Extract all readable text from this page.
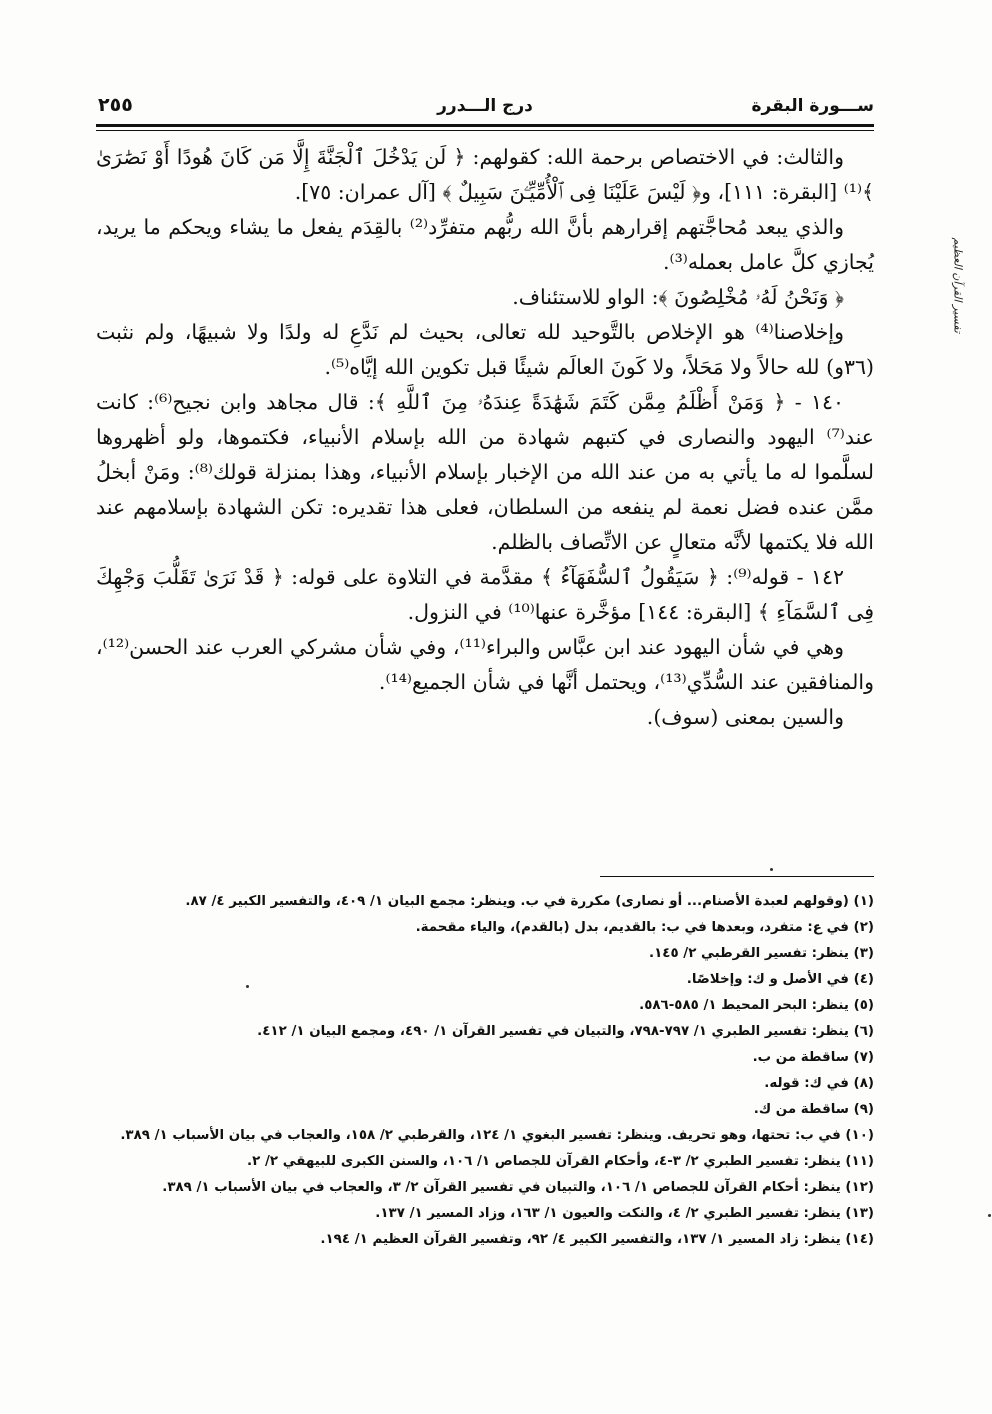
ســـورة البقرة
درج الـــدرر
٢٥٥
تفسير القرآن العظيم

والثالث: في الاختصاص برحمة الله: كقولهم: ﴿ لَن يَدْخُلَ ٱلْجَنَّةَ إِلَّا مَن كَانَ هُودًا أَوْ نَصَٰرَىٰ ﴾⁽¹⁾ [البقرة: ١١١]، و﴿ لَيْسَ عَلَيْنَا فِى ٱلْأُمِّيِّـۧنَ سَبِيلٌ ﴾ [آل عمران: ٧٥].

والذي يبعد مُحاجَّتهم إقرارهم بأنَّ الله ربُّهم متفرِّد⁽²⁾ بالقِدَم يفعل ما يشاء ويحكم ما يريد، يُجازي كلَّ عامل بعمله⁽³⁾.

﴿ وَنَحْنُ لَهُۥ مُخْلِصُونَ ﴾: الواو للاستئناف.

وإخلاصنا⁽⁴⁾ هو الإخلاص بالتَّوحيد لله تعالى، بحيث لم نَدَّعِ له ولدًا ولا شبيهًا، ولم نثبت (٣٦و) لله حالاً ولا مَحَلاً، ولا كَونَ العالَم شيئًا قبل تكوين الله إيَّاه⁽⁵⁾.

١٤٠ - ﴿ وَمَنْ أَظْلَمُ مِمَّن كَتَمَ شَهَٰدَةً عِندَهُۥ مِنَ ٱللَّهِ ﴾: قال مجاهد وابن نجيح⁽⁶⁾: كانت عند⁽⁷⁾ اليهود والنصارى في كتبهم شهادة من الله بإسلام الأنبياء، فكتموها، ولو أظهروها لسلَّموا له ما يأتي به من عند الله من الإخبار بإسلام الأنبياء، وهذا بمنزلة قولك⁽⁸⁾: ومَنْ أبخلُ ممَّن عنده فضل نعمة لم ينفعه من السلطان، فعلى هذا تقديره: تكن الشهادة بإسلامهم عند الله فلا يكتمها لأنَّه متعالٍ عن الاتِّصاف بالظلم.

١٤٢ - قوله⁽⁹⁾: ﴿ سَيَقُولُ ٱلسُّفَهَآءُ ﴾ مقدَّمة في التلاوة على قوله: ﴿ قَدْ نَرَىٰ تَقَلُّبَ وَجْهِكَ فِى ٱلسَّمَآءِ ﴾ [البقرة: ١٤٤] مؤخَّرة عنها⁽¹⁰⁾ في النزول.

وهي في شأن اليهود عند ابن عبَّاس والبراء⁽¹¹⁾، وفي شأن مشركي العرب عند الحسن⁽¹²⁾، والمنافقين عند السُّدِّي⁽¹³⁾، ويحتمل أنَّها في شأن الجميع⁽¹⁴⁾.

والسين بمعنى (سوف).

(١) (وقولهم لعبدة الأصنام... أو نصارى) مكررة في ب. وينظر: مجمع البيان ١/ ٤٠٩، والتفسير الكبير ٤/ ٨٧.
(٢) في ع: متفرد، وبعدها في ب: بالقديم، بدل (بالقدم)، والياء مقحمة.
(٣) ينظر: تفسير القرطبي ٢/ ١٤٥.
(٤) في الأصل و ك: وإخلاصًا.
(٥) ينظر: البحر المحيط ١/ ٥٨٥-٥٨٦.
(٦) ينظر: تفسير الطبري ١/ ٧٩٧-٧٩٨، والتبيان في تفسير القرآن ١/ ٤٩٠، ومجمع البيان ١/ ٤١٢.
(٧) ساقطة من ب.
(٨) في ك: قوله.
(٩) ساقطة من ك.
(١٠) في ب: تحتها، وهو تحريف. وينظر: تفسير البغوي ١/ ١٢٤، والقرطبي ٢/ ١٥٨، والعجاب في بيان الأسباب ١/ ٣٨٩.
(١١) ينظر: تفسير الطبري ٢/ ٣-٤، وأحكام القرآن للجصاص ١/ ١٠٦، والسنن الكبرى للبيهقي ٢/ ٢.
(١٢) ينظر: أحكام القرآن للجصاص ١/ ١٠٦، والتبيان في تفسير القرآن ٢/ ٣، والعجاب في بيان الأسباب ١/ ٣٨٩.
(١٣) ينظر: تفسير الطبري ٢/ ٤، والنكت والعيون ١/ ١٦٣، وزاد المسير ١/ ١٣٧.
(١٤) ينظر: زاد المسير ١/ ١٣٧، والتفسير الكبير ٤/ ٩٢، وتفسير القرآن العظيم ١/ ١٩٤.
